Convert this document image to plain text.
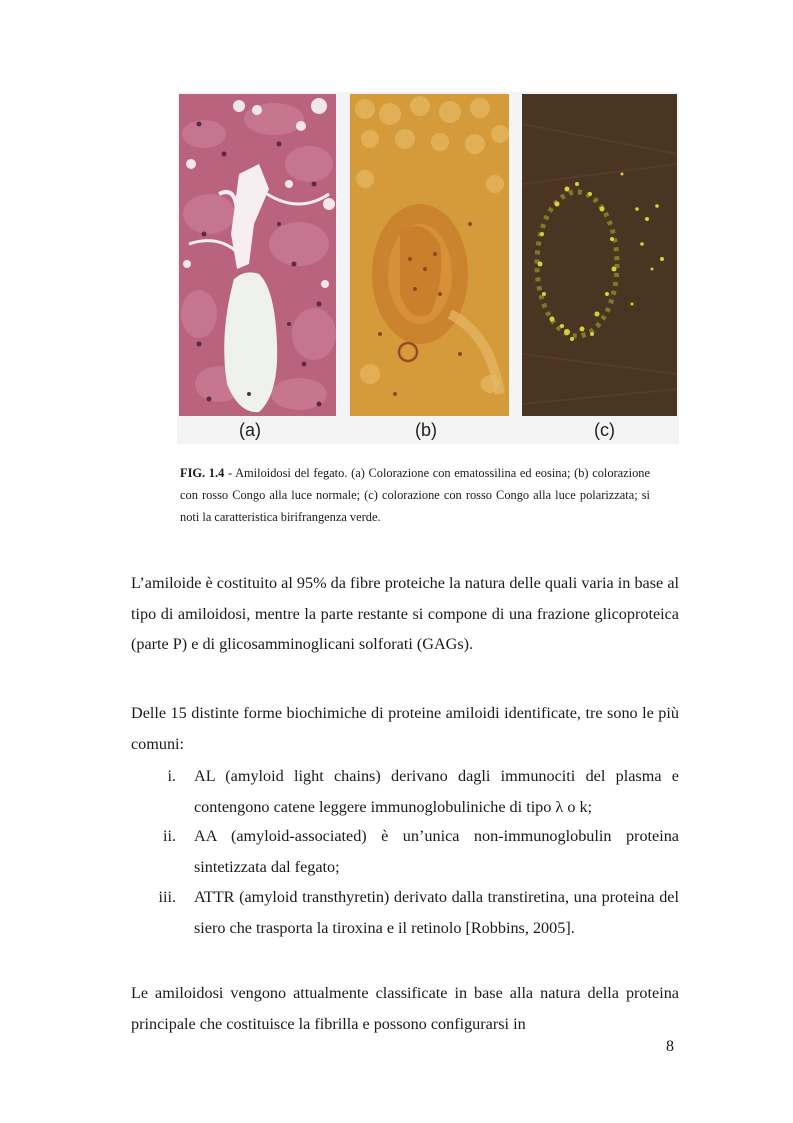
(a)	(b)	(c)
FIG. 1.4 - Amiloidosi del fegato. (a) Colorazione con ematossilina ed eosina; (b) colorazione con rosso Congo alla luce normale; (c) colorazione con rosso Congo alla luce polarizzata; si noti la caratteristica birifrangenza verde.

L’amiloide è costituito al 95% da fibre proteiche la natura delle quali varia in base al tipo di amiloidosi, mentre la parte restante si compone di una frazione glicoproteica (parte P) e di glicosamminoglicani solforati (GAGs).

Delle 15 distinte forme biochimiche di proteine amiloidi identificate, tre sono le più comuni:

i. AL (amyloid light chains) derivano dagli immunociti del plasma e contengono catene leggere immunoglobuliniche di tipo λ o k;
ii. AA (amyloid-associated) è un’unica non-immunoglobulin proteina sintetizzata dal fegato;
iii. ATTR (amyloid transthyretin) derivato dalla transtiretina, una proteina del siero che trasporta la tiroxina e il retinolo [Robbins, 2005].

Le amiloidosi vengono attualmente classificate in base alla natura della proteina principale che costituisce la fibrilla e possono configurarsi in

8
